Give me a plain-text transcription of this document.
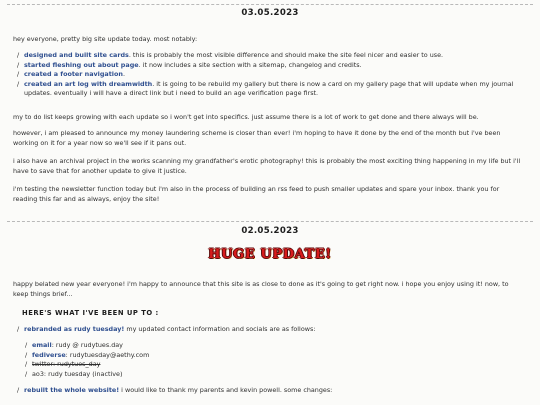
03.05.2023

hey everyone, pretty big site update today. most notably:

/ designed and built site cards. this is probably the most visible difference and should make the site feel nicer and easier to use.
/ started fleshing out about page. it now includes a site section with a sitemap, changelog and credits.
/ created a footer navigation.
/ created an art log with dreamwidth. it is going to be rebuild my gallery but there is now a card on my gallery page that will update when my journal updates. eventually i will have a direct link but i need to build an age verification page first.

my to do list keeps growing with each update so i won't get into specifics. just assume there is a lot of work to get done and there always will be.

however, i am pleased to announce my money laundering scheme is closer than ever! i'm hoping to have it done by the end of the month but i've been working on it for a year now so we'll see if it pans out.

i also have an archival project in the works scanning my grandfather's erotic photography! this is probably the most exciting thing happening in my life but i'll have to save that for another update to give it justice.

i'm testing the newsletter function today but i'm also in the process of building an rss feed to push smaller updates and spare your inbox. thank you for reading this far and as always, enjoy the site!

02.05.2023
HUGE UPDATE!

happy belated new year everyone! i'm happy to announce that this site is as close to done as it's going to get right now. i hope you enjoy using it! now, to keep things brief...

HERE'S WHAT I'VE BEEN UP TO :
/ rebranded as rudy tuesday! my updated contact information and socials are as follows:
/ email: rudy @ rudytues.day
/ fediverse: rudytuesday@aethy.com
/ twitter: rudytues_day
/ ao3: rudy tuesday (inactive)
/ rebuilt the whole website! i would like to thank my parents and kevin powell. some changes:
